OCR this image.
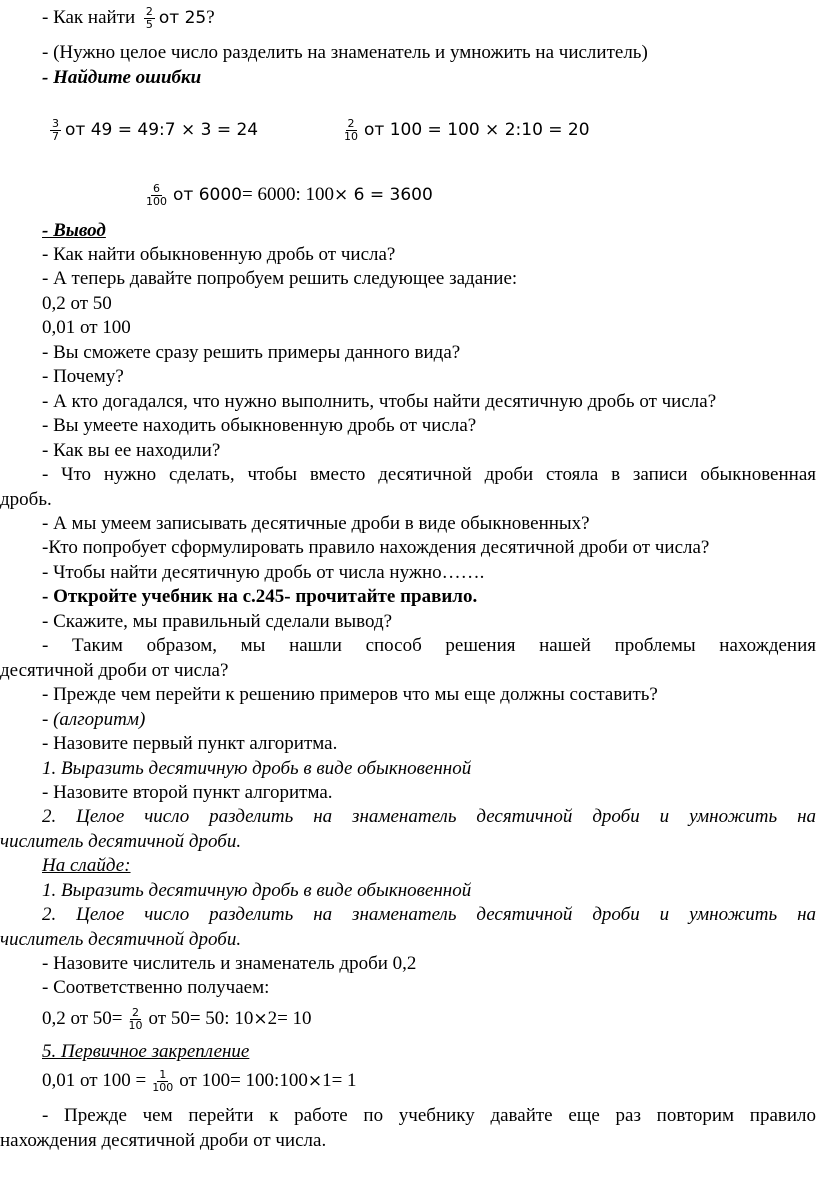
- Как найти $\frac{2}{5}$ от 25?
- (Нужно целое число разделить на знаменатель и умножить на числитель)
- Найдите ошибки
$\frac{3}{7}$ от 49 = 49:7 × 3 = 24	$\frac{2}{10}$ от 100 = 100 × 2:10 = 20
$\frac{6}{100}$ от 6000= 6000: 100× 6 = 3600
- Вывод
- Как найти обыкновенную дробь от числа?
- А теперь давайте попробуем решить следующее задание:
0,2 от 50
0,01 от 100
- Вы сможете сразу решить примеры данного вида?
- Почему?
- А кто догадался, что нужно выполнить, чтобы найти десятичную дробь от числа?
- Вы умеете находить обыкновенную дробь от числа?
- Как вы ее находили?
- Что нужно сделать, чтобы вместо десятичной дроби стояла в записи обыкновенная
дробь.
- А мы умеем записывать десятичные дроби в виде обыкновенных?
-Кто попробует сформулировать правило нахождения десятичной дроби от числа?
- Чтобы найти десятичную дробь от числа нужно…….
- Откройте учебник на с.245- прочитайте правило.
- Скажите, мы правильный сделали вывод?
- Таким образом, мы нашли способ решения нашей проблемы нахождения
десятичной дроби от числа?
- Прежде чем перейти к решению примеров что мы еще должны составить?
- (алгоритм)
- Назовите первый пункт алгоритма.
1. Выразить десятичную дробь в виде обыкновенной
- Назовите второй пункт алгоритма.
2. Целое число разделить на знаменатель десятичной дроби и умножить на
числитель десятичной дроби.
На слайде:
1. Выразить десятичную дробь в виде обыкновенной
2. Целое число разделить на знаменатель десятичной дроби и умножить на
числитель десятичной дроби.
- Назовите числитель и знаменатель дроби 0,2
- Соответственно получаем:
0,2 от $50= \frac{2}{10}$ от 50= 50: 10×2= 10
5. Первичное закрепление
0,01 от $100 = \frac{1}{100}$ от 100= 100:100×1= 1
- Прежде чем перейти к работе по учебнику давайте еще раз повторим правило
нахождения десятичной дроби от числа.
